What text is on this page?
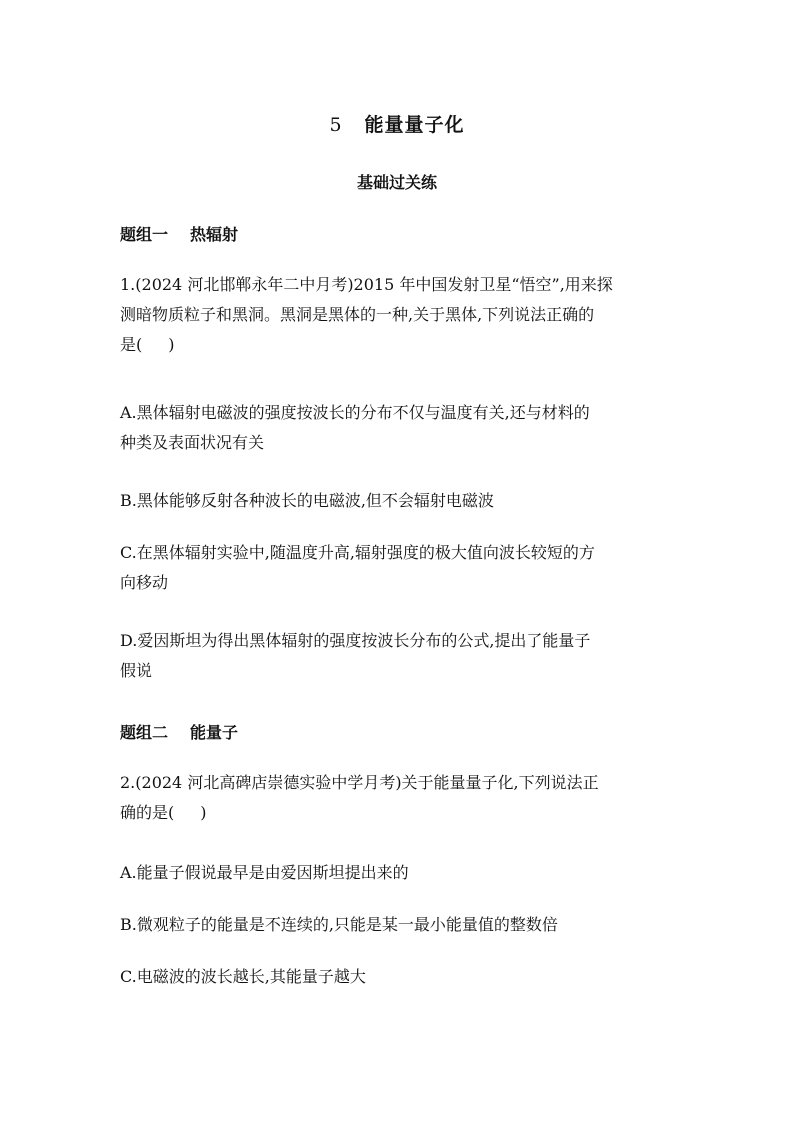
5 能量量子化
基础过关练
题组一 热辐射
1.(2024 河北邯郸永年二中月考)2015 年中国发射卫星“悟空”,用来探
测暗物质粒子和黑洞。黑洞是黑体的一种,关于黑体,下列说法正确的
是( )
A.黑体辐射电磁波的强度按波长的分布不仅与温度有关,还与材料的
种类及表面状况有关
B.黑体能够反射各种波长的电磁波,但不会辐射电磁波
C.在黑体辐射实验中,随温度升高,辐射强度的极大值向波长较短的方
向移动
D.爱因斯坦为得出黑体辐射的强度按波长分布的公式,提出了能量子
假说
题组二 能量子
2.(2024 河北高碑店崇德实验中学月考)关于能量量子化,下列说法正
确的是( )
A.能量子假说最早是由爱因斯坦提出来的
B.微观粒子的能量是不连续的,只能是某一最小能量值的整数倍
C.电磁波的波长越长,其能量子越大
